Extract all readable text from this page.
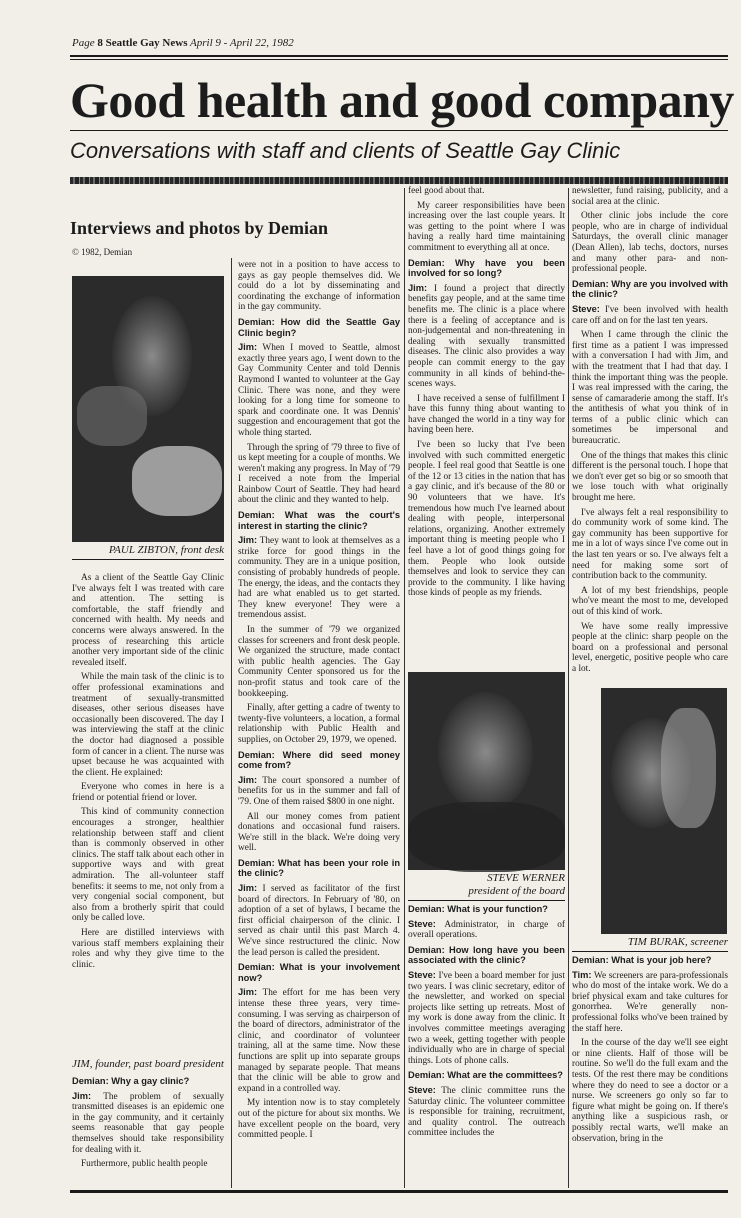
Page 8 Seattle Gay News April 9 - April 22, 1982
Good health and good company
Conversations with staff and clients of Seattle Gay Clinic
Interviews and photos by Demian
© 1982, Demian
PAUL ZIBTON, front desk

As a client of the Seattle Gay Clinic I've always felt I was treated with care and attention. The setting is comfortable, the staff friendly and concerned with health. My needs and concerns were always answered. In the process of researching this article another very important side of the clinic revealed itself.

While the main task of the clinic is to offer professional examinations and treatment of sexually-transmitted diseases, other serious diseases have occasionally been discovered. The day I was interviewing the staff at the clinic the doctor had diagnosed a possible form of cancer in a client. The nurse was upset because he was acquainted with the client. He explained:

Everyone who comes in here is a friend or potential friend or lover.

This kind of community connection encourages a stronger, healthier relationship between staff and client than is commonly observed in other clinics. The staff talk about each other in supportive ways and with great admiration. The all-volunteer staff benefits: it seems to me, not only from a very congenial social component, but also from a brotherly spirit that could only be called love.

Here are distilled interviews with various staff members explaining their roles and why they give time to the clinic.

JIM, founder, past board president

Demian: Why a gay clinic?

Jim: The problem of sexually transmitted diseases is an epidemic one in the gay community, and it certainly seems reasonable that gay people themselves should take responsibility for dealing with it.

Furthermore, public health people

were not in a position to have access to gays as gay people themselves did. We could do a lot by disseminating and coordinating the exchange of information in the gay community.

Demian: How did the Seattle Gay Clinic begin?

Jim: When I moved to Seattle, almost exactly three years ago, I went down to the Gay Community Center and told Dennis Raymond I wanted to volunteer at the Gay Clinic. There was none, and they were looking for a long time for someone to spark and coordinate one. It was Dennis' suggestion and encouragement that got the whole thing started.

Through the spring of '79 three to five of us kept meeting for a couple of months. We weren't making any progress. In May of '79 I received a note from the Imperial Rainbow Court of Seattle. They had heard about the clinic and they wanted to help.

Demian: What was the court's interest in starting the clinic?

Jim: They want to look at themselves as a strike force for good things in the community. They are in a unique position, consisting of probably hundreds of people. The energy, the ideas, and the contacts they had are what enabled us to get started. They knew everyone! They were a tremendous assist.

In the summer of '79 we organized classes for screeners and front desk people. We organized the structure, made contact with public health agencies. The Gay Community Center sponsored us for the non-profit status and took care of the bookkeeping.

Finally, after getting a cadre of twenty to twenty-five volunteers, a location, a formal relationship with Public Health and supplies, on October 29, 1979, we opened.

Demian: Where did seed money come from?

Jim: The court sponsored a number of benefits for us in the summer and fall of '79. One of them raised $800 in one night.

All our money comes from patient donations and occasional fund raisers. We're still in the black. We're doing very well.

Demian: What has been your role in the clinic?

Jim: I served as facilitator of the first board of directors. In February of '80, on adoption of a set of bylaws, I became the first official chairperson of the clinic. I served as chair until this past March 4. We've since restructured the clinic. Now the lead person is called the president.

Demian: What is your involvement now?

Jim: The effort for me has been very intense these three years, very time-consuming. I was serving as chairperson of the board of directors, administrator of the clinic, and coordinator of volunteer training, all at the same time. Now these functions are split up into separate groups managed by separate people. That means that the clinic will be able to grow and expand in a controlled way.

My intention now is to stay completely out of the picture for about six months. We have excellent people on the board, very committed people. I

feel good about that.

My career responsibilities have been increasing over the last couple years. It was getting to the point where I was having a really hard time maintaining commitment to everything all at once.

Demian: Why have you been involved for so long?

Jim: I found a project that directly benefits gay people, and at the same time benefits me. The clinic is a place where there is a feeling of acceptance and is non-judgemental and non-threatening in dealing with sexually transmitted diseases. The clinic also provides a way people can commit energy to the gay community in all kinds of behind-the-scenes ways.

I have received a sense of fulfillment I have this funny thing about wanting to have changed the world in a tiny way for having been here.

I've been so lucky that I've been involved with such committed energetic people. I feel real good that Seattle is one of the 12 or 13 cities in the nation that has a gay clinic, and it's because of the 80 or 90 volunteers that we have. It's tremendous how much I've learned about dealing with people, interpersonal relations, organizing. Another extremely important thing is meeting people who I feel have a lot of good things going for them. People who look outside themselves and look to service they can provide to the community. I like having those kinds of people as my friends.

STEVE WERNER
president of the board

Demian: What is your function?

Steve: Administrator, in charge of overall operations.

Demian: How long have you been associated with the clinic?

Steve: I've been a board member for just two years. I was clinic secretary, editor of the newsletter, and worked on special projects like setting up retreats. Most of my work is done away from the clinic. It involves committee meetings averaging two a week, getting together with people individually who are in charge of special things. Lots of phone calls.

Demian: What are the committees?

Steve: The clinic committee runs the Saturday clinic. The volunteer committee is responsible for training, recruitment, and quality control. The outreach committee includes the

newsletter, fund raising, publicity, and a social area at the clinic.

Other clinic jobs include the core people, who are in charge of individual Saturdays, the overall clinic manager (Dean Allen), lab techs, doctors, nurses and many other para- and non-professional people.

Demian: Why are you involved with the clinic?

Steve: I've been involved with health care off and on for the last ten years.

When I came through the clinic the first time as a patient I was impressed with a conversation I had with Jim, and with the treatment that I had that day. I think the important thing was the people. I was real impressed with the caring, the sense of camaraderie among the staff. It's the antithesis of what you think of in terms of a public clinic which can sometimes be impersonal and bureaucratic.

One of the things that makes this clinic different is the personal touch. I hope that we don't ever get so big or so smooth that we lose touch with what originally brought me here.

I've always felt a real responsibility to do community work of some kind. The gay community has been supportive for me in a lot of ways since I've come out in the last ten years or so. I've always felt a need for making some sort of contribution back to the community.

A lot of my best friendships, people who've meant the most to me, developed out of this kind of work.

We have some really impressive people at the clinic: sharp people on the board on a professional and personal level, energetic, positive people who care a lot.

TIM BURAK, screener

Demian: What is your job here?

Tim: We screeners are para-professionals who do most of the intake work. We do a brief physical exam and take cultures for gonorrhea. We're generally non-professional folks who've been trained by the staff here.

In the course of the day we'll see eight or nine clients. Half of those will be routine. So we'll do the full exam and the tests. Of the rest there may be conditions where they do need to see a doctor or a nurse. We screeners go only so far to figure what might be going on. If there's anything like a suspicious rash, or possibly rectal warts, we'll make an observation, bring in the
